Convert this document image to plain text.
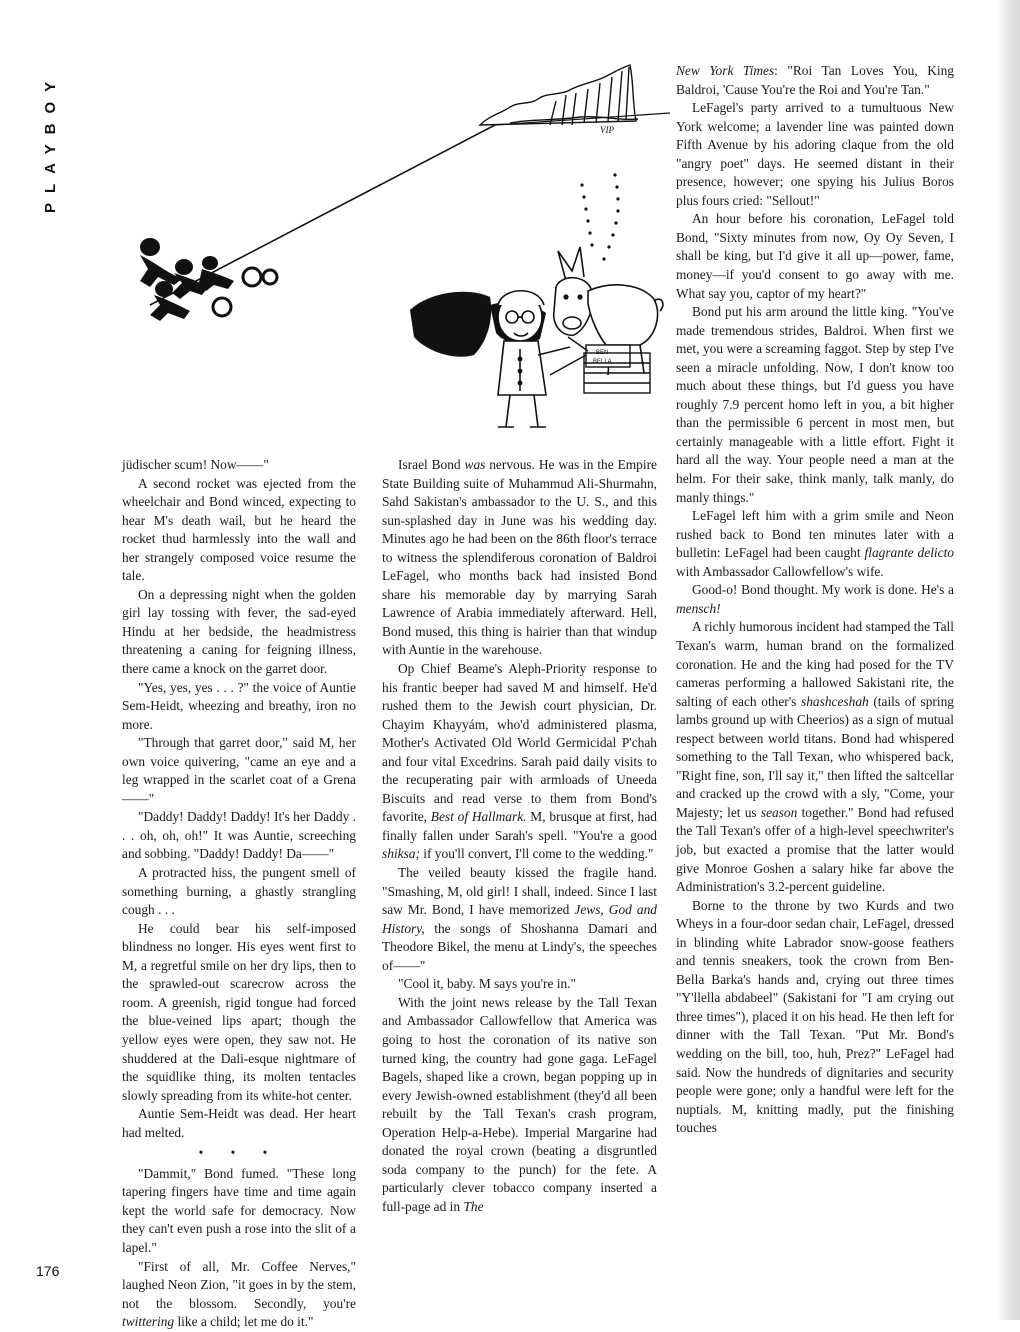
PLAYBOY	VIP
BEN
BELLA

jüdischer scum! Now——"

A second rocket was ejected from the wheelchair and Bond winced, expecting to hear M's death wail, but he heard the rocket thud harmlessly into the wall and her strangely composed voice resume the tale.

On a depressing night when the golden girl lay tossing with fever, the sad-eyed Hindu at her bedside, the headmistress threatening a caning for feigning illness, there came a knock on the garret door.

"Yes, yes, yes . . . ?" the voice of Auntie Sem-Heidt, wheezing and breathy, iron no more.

"Through that garret door," said M, her own voice quivering, "came an eye and a leg wrapped in the scarlet coat of a Grena——"

"Daddy! Daddy! Daddy! It's her Daddy . . . oh, oh, oh!" It was Auntie, screeching and sobbing. "Daddy! Daddy! Da——"

A protracted hiss, the pungent smell of something burning, a ghastly strangling cough . . .

He could bear his self-imposed blindness no longer. His eyes went first to M, a regretful smile on her dry lips, then to the sprawled-out scarecrow across the room. A greenish, rigid tongue had forced the blue-veined lips apart; though the yellow eyes were open, they saw not. He shuddered at the Dali-esque nightmare of the squidlike thing, its molten tentacles slowly spreading from its white-hot center.

Auntie Sem-Heidt was dead. Her heart had melted.

• • •

"Dammit," Bond fumed. "These long tapering fingers have time and time again kept the world safe for democracy. Now they can't even push a rose into the slit of a lapel."

"First of all, Mr. Coffee Nerves," laughed Neon Zion, "it goes in by the stem, not the blossom. Secondly, you're twittering like a child; let me do it."

Israel Bond was nervous. He was in the Empire State Building suite of Muhammud Ali-Shurmahn, Sahd Sakistan's ambassador to the U. S., and this sun-splashed day in June was his wedding day. Minutes ago he had been on the 86th floor's terrace to witness the splendiferous coronation of Baldroi LeFagel, who months back had insisted Bond share his memorable day by marrying Sarah Lawrence of Arabia immediately afterward. Hell, Bond mused, this thing is hairier than that windup with Auntie in the warehouse.

Op Chief Beame's Aleph-Priority response to his frantic beeper had saved M and himself. He'd rushed them to the Jewish court physician, Dr. Chayim Khayyám, who'd administered plasma, Mother's Activated Old World Germicidal P'chah and four vital Excedrins. Sarah paid daily visits to the recuperating pair with armloads of Uneeda Biscuits and read verse to them from Bond's favorite, Best of Hallmark. M, brusque at first, had finally fallen under Sarah's spell. "You're a good shiksa; if you'll convert, I'll come to the wedding."

The veiled beauty kissed the fragile hand. "Smashing, M, old girl! I shall, indeed. Since I last saw Mr. Bond, I have memorized Jews, God and History, the songs of Shoshanna Damari and Theodore Bikel, the menu at Lindy's, the speeches of——"

"Cool it, baby. M says you're in."

With the joint news release by the Tall Texan and Ambassador Callowfellow that America was going to host the coronation of its native son turned king, the country had gone gaga. LeFagel Bagels, shaped like a crown, began popping up in every Jewish-owned establishment (they'd all been rebuilt by the Tall Texan's crash program, Operation Help-a-Hebe). Imperial Margarine had donated the royal crown (beating a disgruntled soda company to the punch) for the fete. A particularly clever tobacco company inserted a full-page ad in The

New York Times: "Roi Tan Loves You, King Baldroi, 'Cause You're the Roi and You're Tan."

LeFagel's party arrived to a tumultuous New York welcome; a lavender line was painted down Fifth Avenue by his adoring claque from the old "angry poet" days. He seemed distant in their presence, however; one spying his Julius Boros plus fours cried: "Sellout!"

An hour before his coronation, LeFagel told Bond, "Sixty minutes from now, Oy Oy Seven, I shall be king, but I'd give it all up—power, fame, money—if you'd consent to go away with me. What say you, captor of my heart?"

Bond put his arm around the little king. "You've made tremendous strides, Baldroi. When first we met, you were a screaming faggot. Step by step I've seen a miracle unfolding. Now, I don't know too much about these things, but I'd guess you have roughly 7.9 percent homo left in you, a bit higher than the permissible 6 percent in most men, but certainly manageable with a little effort. Fight it hard all the way. Your people need a man at the helm. For their sake, think manly, talk manly, do manly things."

LeFagel left him with a grim smile and Neon rushed back to Bond ten minutes later with a bulletin: LeFagel had been caught flagrante delicto with Ambassador Callowfellow's wife.

Good-o! Bond thought. My work is done. He's a mensch!

A richly humorous incident had stamped the Tall Texan's warm, human brand on the formalized coronation. He and the king had posed for the TV cameras performing a hallowed Sakistani rite, the salting of each other's shashceshah (tails of spring lambs ground up with Cheerios) as a sign of mutual respect between world titans. Bond had whispered something to the Tall Texan, who whispered back, "Right fine, son, I'll say it," then lifted the saltcellar and cracked up the crowd with a sly, "Come, your Majesty; let us season together." Bond had refused the Tall Texan's offer of a high-level speechwriter's job, but exacted a promise that the latter would give Monroe Goshen a salary hike far above the Administration's 3.2-percent guideline.

Borne to the throne by two Kurds and two Wheys in a four-door sedan chair, LeFagel, dressed in blinding white Labrador snow-goose feathers and tennis sneakers, took the crown from Ben-Bella Barka's hands and, crying out three times "Y'llella abdabeel" (Sakistani for "I am crying out three times"), placed it on his head. He then left for dinner with the Tall Texan. "Put Mr. Bond's wedding on the bill, too, huh, Prez?" LeFagel had said. Now the hundreds of dignitaries and security people were gone; only a handful were left for the nuptials. M, knitting madly, put the finishing touches

176
